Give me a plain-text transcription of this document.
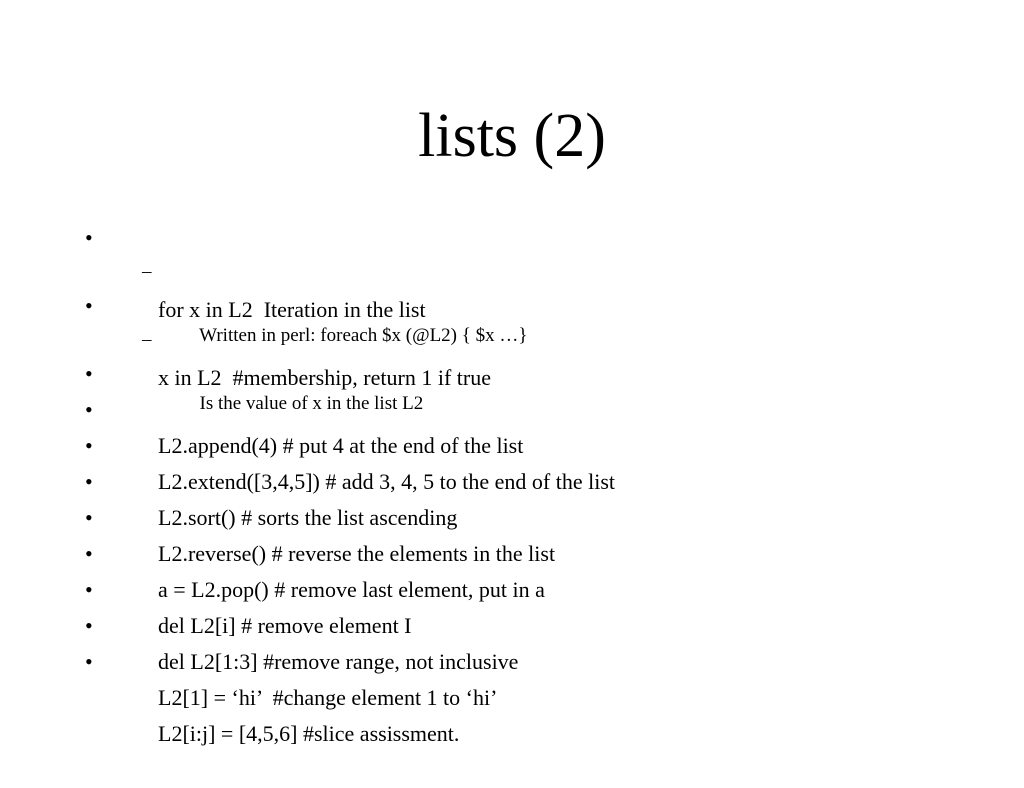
lists (2)

•

for x in L2  Iteration in the list

–

Written in perl: foreach $x (@L2) { $x …}

•

x in L2  #membership, return 1 if true

–

Is the value of x in the list L2

•

L2.append(4) # put 4 at the end of the list

•

L2.extend([3,4,5]) # add 3, 4, 5 to the end of the list

•

L2.sort() # sorts the list ascending

•

L2.reverse() # reverse the elements in the list

•

a = L2.pop() # remove last element, put in a

•

del L2[i] # remove element I

•

del L2[1:3] #remove range, not inclusive

•

L2[1] = ‘hi’  #change element 1 to ‘hi’

•

L2[i:j] = [4,5,6] #slice assissment.
